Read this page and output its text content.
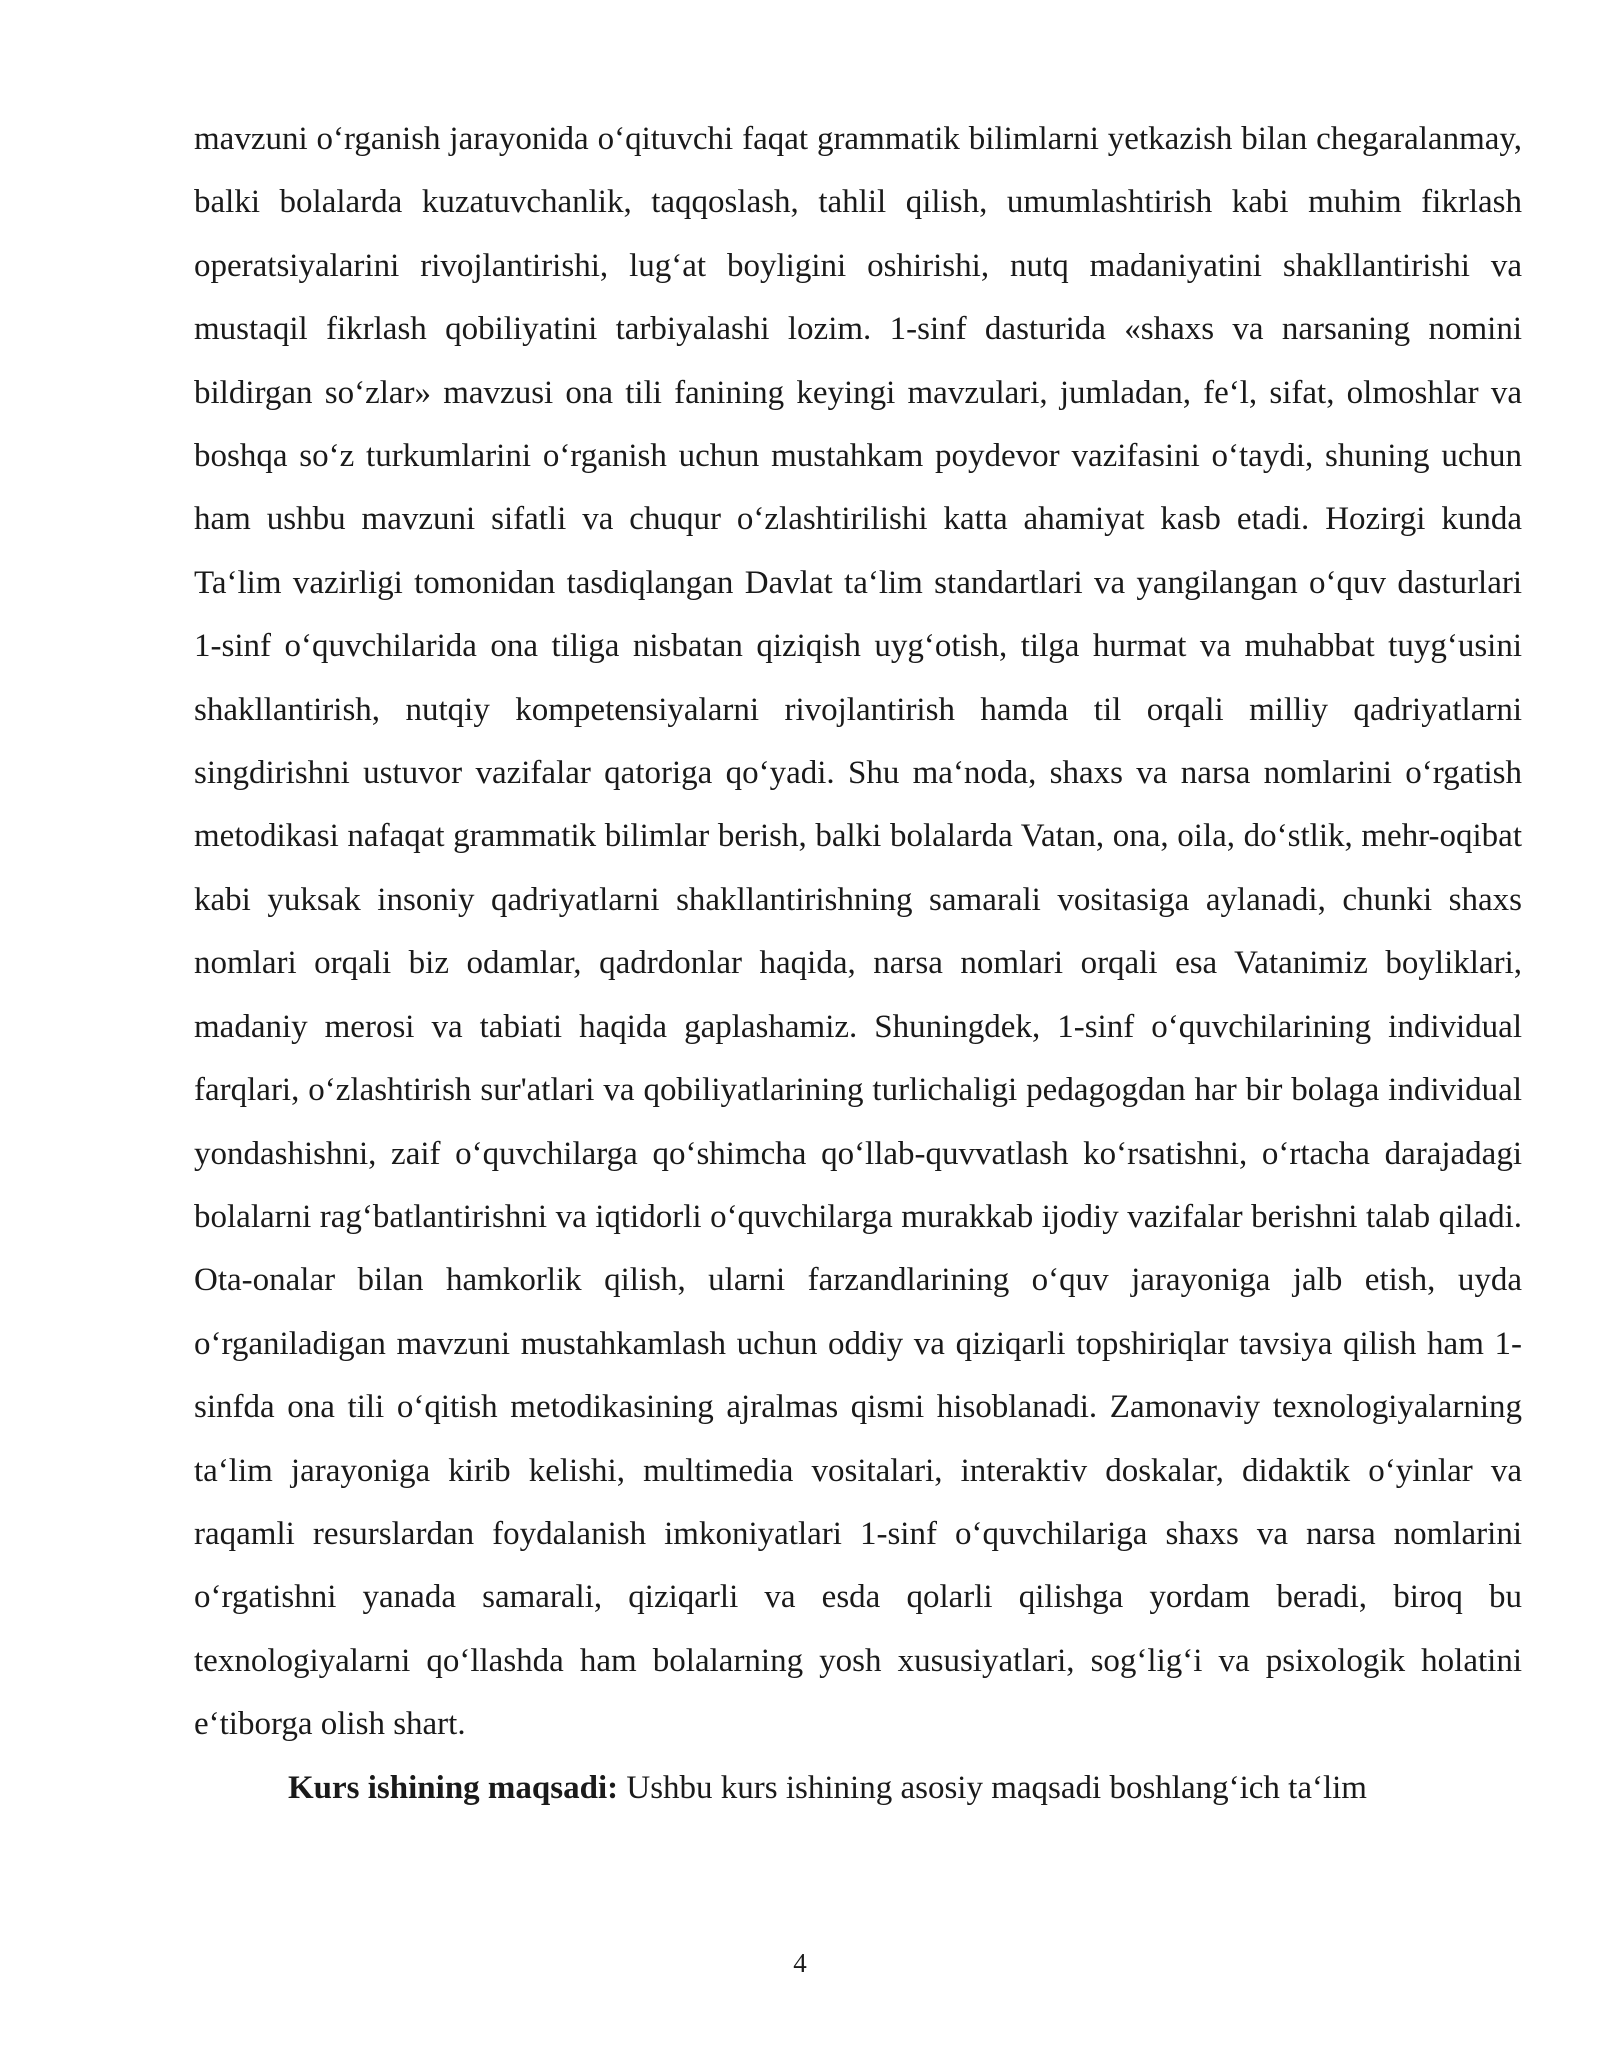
mavzuni o‘rganish jarayonida o‘qituvchi faqat grammatik bilimlarni yetkazish bilan chegaralanmay, balki bolalarda kuzatuvchanlik, taqqoslash, tahlil qilish, umumlashtirish kabi muhim fikrlash operatsiyalarini rivojlantirishi, lug‘at boyligini oshirishi, nutq madaniyatini shakllantirishi va mustaqil fikrlash qobiliyatini tarbiyalashi lozim. 1-sinf dasturida «shaxs va narsaning nomini bildirgan so‘zlar» mavzusi ona tili fanining keyingi mavzulari, jumladan, fe‘l, sifat, olmoshlar va boshqa so‘z turkumlarini o‘rganish uchun mustahkam poydevor vazifasini o‘taydi, shuning uchun ham ushbu mavzuni sifatli va chuqur o‘zlashtirilishi katta ahamiyat kasb etadi. Hozirgi kunda Ta‘lim vazirligi tomonidan tasdiqlangan Davlat ta‘lim standartlari va yangilangan o‘quv dasturlari 1-sinf o‘quvchilarida ona tiliga nisbatan qiziqish uyg‘otish, tilga hurmat va muhabbat tuyg‘usini shakllantirish, nutqiy kompetensiyalarni rivojlantirish hamda til orqali milliy qadriyatlarni singdirishni ustuvor vazifalar qatoriga qo‘yadi. Shu ma‘noda, shaxs va narsa nomlarini o‘rgatish metodikasi nafaqat grammatik bilimlar berish, balki bolalarda Vatan, ona, oila, do‘stlik, mehr-oqibat kabi yuksak insoniy qadriyatlarni shakllantirishning samarali vositasiga aylanadi, chunki shaxs nomlari orqali biz odamlar, qadrdonlar haqida, narsa nomlari orqali esa Vatanimiz boyliklari, madaniy merosi va tabiati haqida gaplashamiz. Shuningdek, 1-sinf o‘quvchilarining individual farqlari, o‘zlashtirish sur'atlari va qobiliyatlarining turlichaligi pedagogdan har bir bolaga individual yondashishni, zaif o‘quvchilarga qo‘shimcha qo‘llab-quvvatlash ko‘rsatishni, o‘rtacha darajadagi bolalarni rag‘batlantirishni va iqtidorli o‘quvchilarga murakkab ijodiy vazifalar berishni talab qiladi. Ota-onalar bilan hamkorlik qilish, ularni farzandlarining o‘quv jarayoniga jalb etish, uyda o‘rganiladigan mavzuni mustahkamlash uchun oddiy va qiziqarli topshiriqlar tavsiya qilish ham 1-sinfda ona tili o‘qitish metodikasining ajralmas qismi hisoblanadi. Zamonaviy texnologiyalarning ta‘lim jarayoniga kirib kelishi, multimedia vositalari, interaktiv doskalar, didaktik o‘yinlar va raqamli resurslardan foydalanish imkoniyatlari 1-sinf o‘quvchilariga shaxs va narsa nomlarini o‘rgatishni yanada samarali, qiziqarli va esda qolarli qilishga yordam beradi, biroq bu texnologiyalarni qo‘llashda ham bolalarning yosh xususiyatlari, sog‘lig‘i va psixologik holatini e‘tiborga olish shart.

Kurs ishining maqsadi: Ushbu kurs ishining asosiy maqsadi boshlang‘ich ta‘lim

4
